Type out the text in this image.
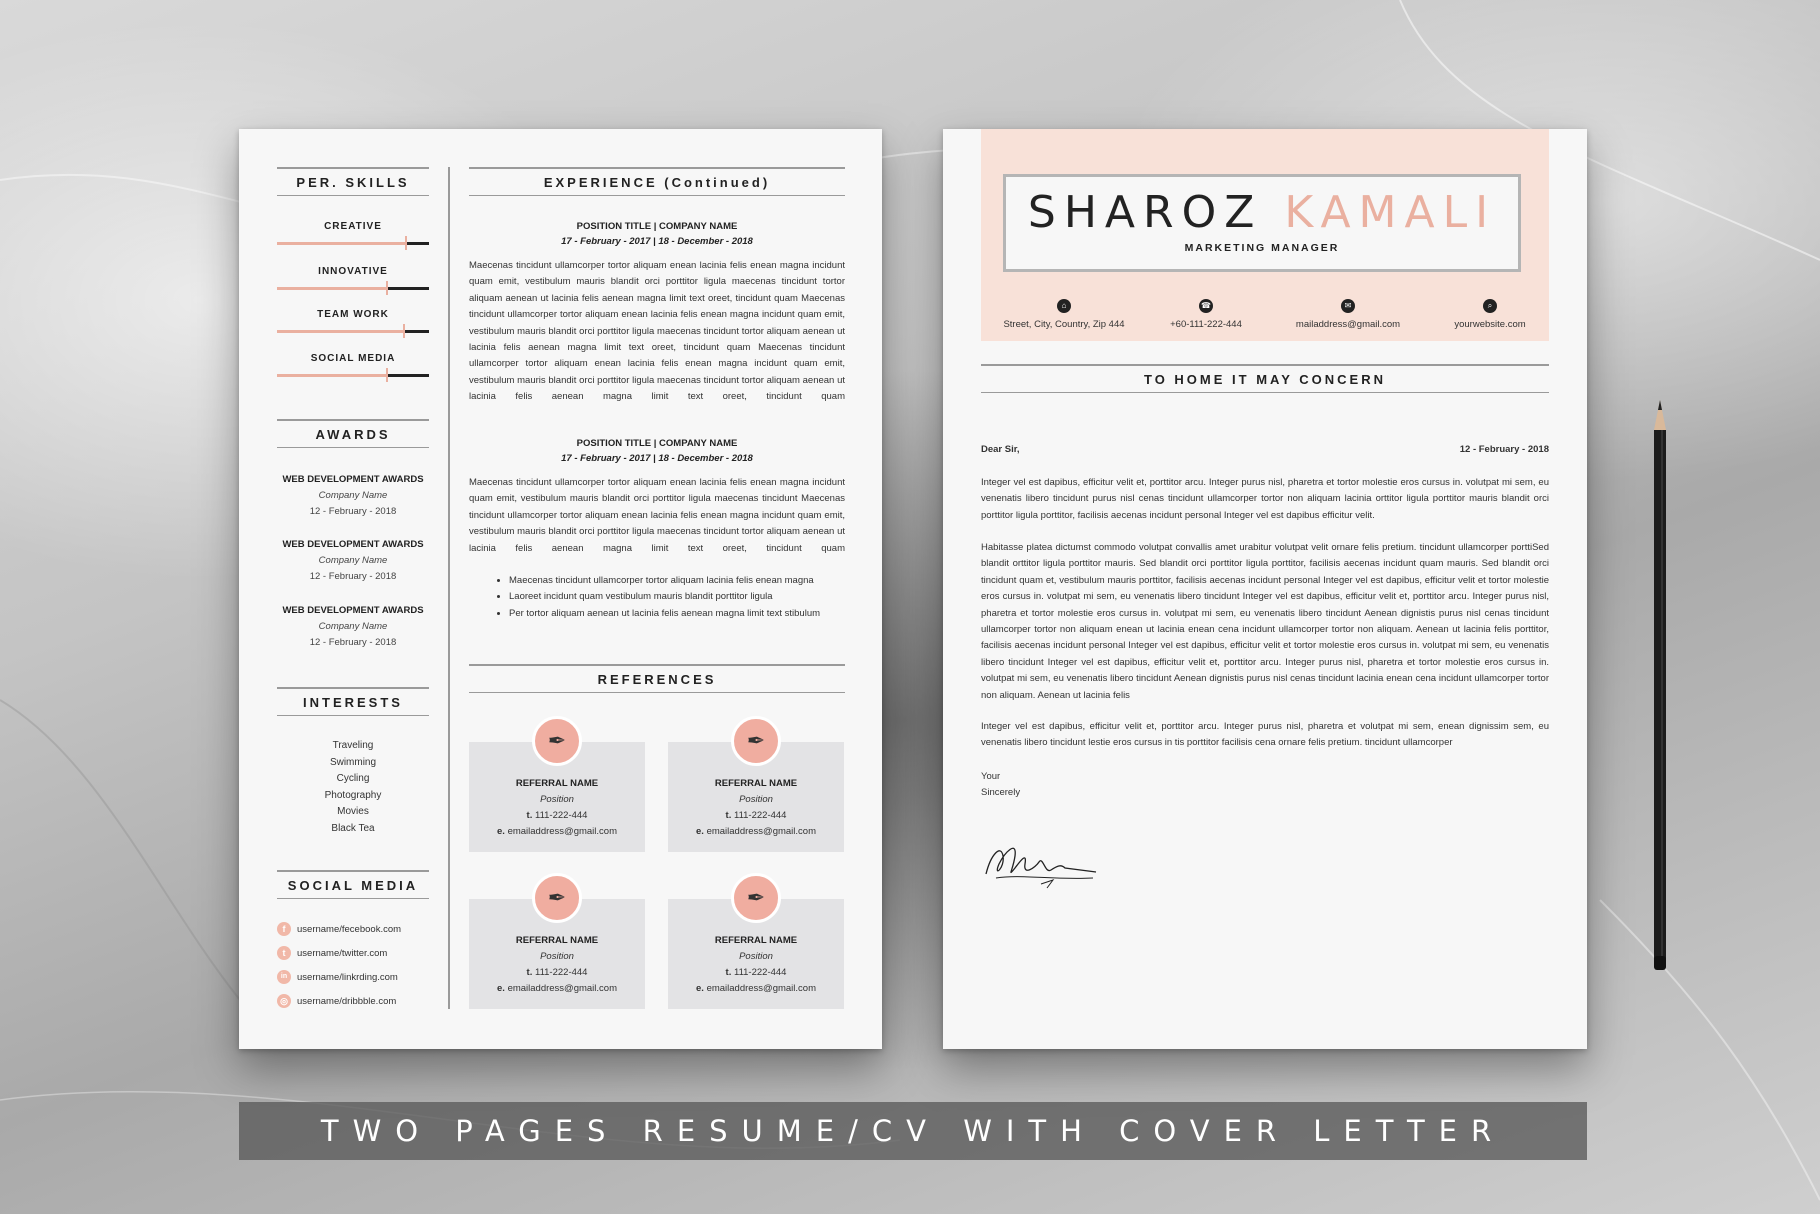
PER. SKILLS
CREATIVE
INNOVATIVE
TEAM WORK
SOCIAL MEDIA
AWARDS
WEB DEVELOPMENT AWARDS
Company Name
12 - February - 2018
WEB DEVELOPMENT AWARDS
Company Name
12 - February - 2018
WEB DEVELOPMENT AWARDS
Company Name
12 - February - 2018
INTERESTS
Traveling
Swimming
Cycling
Photography
Movies
Black Tea
SOCIAL MEDIA
f	username/fecebook.com
t	username/twitter.com
in	username/linkrding.com
◎ username/dribbble.com
EXPERIENCE (Continued)
POSITION TITLE | COMPANY NAME
17 - February - 2017 | 18 - December - 2018
Maecenas tincidunt ullamcorper tortor aliquam enean lacinia felis enean magna incidunt quam emit, vestibulum mauris blandit orci porttitor ligula maecenas tincidunt tortor aliquam aenean ut lacinia felis aenean magna limit text oreet, tincidunt quam Maecenas tincidunt ullamcorper tortor aliquam enean lacinia felis enean magna incidunt quam emit, vestibulum mauris blandit orci porttitor ligula maecenas tincidunt tortor aliquam aenean ut lacinia felis aenean magna limit text oreet, tincidunt quam Maecenas tincidunt ullamcorper tortor aliquam enean lacinia felis enean magna incidunt quam emit, vestibulum mauris blandit orci porttitor ligula maecenas tincidunt tortor aliquam aenean ut lacinia felis aenean magna limit text oreet, tincidunt quam
POSITION TITLE | COMPANY NAME
17 - February - 2017 | 18 - December - 2018
Maecenas tincidunt ullamcorper tortor aliquam enean lacinia felis enean magna incidunt quam emit, vestibulum mauris blandit orci porttitor ligula maecenas tincidunt Maecenas tincidunt ullamcorper tortor aliquam enean lacinia felis enean magna incidunt quam emit, vestibulum mauris blandit orci porttitor ligula maecenas tincidunt tortor aliquam aenean ut lacinia felis aenean magna limit text oreet, tincidunt quam
• Maecenas tincidunt ullamcorper tortor aliquam lacinia felis enean magna
• Laoreet incidunt quam vestibulum mauris blandit porttitor ligula
• Per tortor aliquam aenean ut lacinia felis aenean magna limit text stibulum
REFERENCES
✒
REFERRAL NAME
Position
t. 111-222-444
e. emailaddress@gmail.com
✒
REFERRAL NAME
Position
t. 111-222-444
e. emailaddress@gmail.com
✒
REFERRAL NAME
Position
t. 111-222-444
e. emailaddress@gmail.com
✒
REFERRAL NAME
Position
t. 111-222-444
e. emailaddress@gmail.com
SHAROZ KAMALI
MARKETING MANAGER
⌂
Street, City, Country, Zip 444
☎
+60-111-222-444
✉
mailaddress@gmail.com
⌕
yourwebsite.com
TO HOME IT MAY CONCERN
Dear Sir,	12 - February - 2018
Integer vel est dapibus, efficitur velit et, porttitor arcu. Integer purus nisl, pharetra et tortor molestie eros cursus in. volutpat mi sem, eu venenatis libero tincidunt purus nisl cenas tincidunt ullamcorper tortor non aliquam lacinia orttitor ligula porttitor mauris blandit orci porttitor ligula porttitor, facilisis aecenas incidunt personal Integer vel est dapibus efficitur velit.
Habitasse platea dictumst commodo volutpat convallis amet urabitur volutpat velit ornare felis pretium. tincidunt ullamcorper porttiSed blandit orttitor ligula porttitor mauris. Sed blandit orci porttitor ligula porttitor, facilisis aecenas incidunt quam mauris. Sed blandit orci tincidunt quam et, vestibulum mauris porttitor, facilisis aecenas incidunt personal Integer vel est dapibus, efficitur velit et tortor molestie eros cursus in. volutpat mi sem, eu venenatis libero tincidunt Integer vel est dapibus, efficitur velit et, porttitor arcu. Integer purus nisl, pharetra et tortor molestie eros cursus in. volutpat mi sem, eu venenatis libero tincidunt Aenean dignistis purus nisl cenas tincidunt ullamcorper tortor non aliquam enean ut lacinia enean cena incidunt ullamcorper tortor non aliquam. Aenean ut lacinia felis porttitor, facilisis aecenas incidunt personal Integer vel est dapibus, efficitur velit et tortor molestie eros cursus in. volutpat mi sem, eu venenatis libero tincidunt Integer vel est dapibus, efficitur velit et, porttitor arcu. Integer purus nisl, pharetra et tortor molestie eros cursus in. volutpat mi sem, eu venenatis libero tincidunt Aenean dignistis purus nisl cenas tincidunt lacinia enean cena incidunt ullamcorper tortor non aliquam. Aenean ut lacinia felis
Integer vel est dapibus, efficitur velit et, porttitor arcu. Integer purus nisl, pharetra et volutpat mi sem, enean dignissim sem, eu venenatis libero tincidunt lestie eros cursus in tis porttitor facilisis cena ornare felis pretium. tincidunt ullamcorper
Your
Sincerely
TWO PAGES RESUME/CV WITH COVER LETTER
